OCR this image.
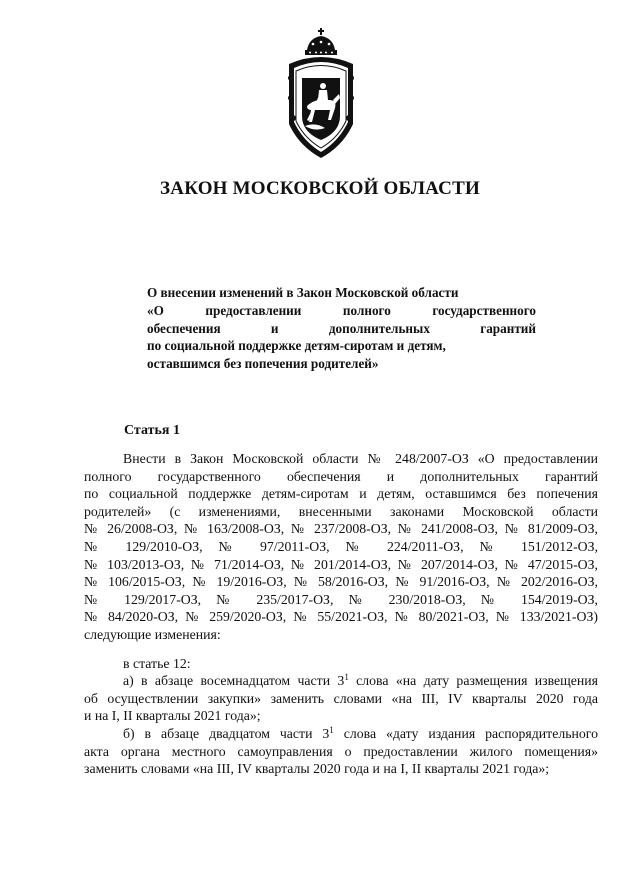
ЗАКОН МОСКОВСКОЙ ОБЛАСТИ
О внесении изменений в Закон Московской области
«О предоставлении полного государственного
обеспечения и дополнительных гарантий
по социальной поддержке детям-сиротам и детям,
оставшимся без попечения родителей»
Статья 1
Внести в Закон Московской области № 248/2007-ОЗ «О предоставлении
полного государственного обеспечения и дополнительных гарантий
по социальной поддержке детям-сиротам и детям, оставшимся без попечения
родителей» (с изменениями, внесенными законами Московской области
№ 26/2008-ОЗ, № 163/2008-ОЗ, № 237/2008-ОЗ, № 241/2008-ОЗ, № 81/2009-ОЗ,
№ 129/2010-ОЗ, № 97/2011-ОЗ, № 224/2011-ОЗ, № 151/2012-ОЗ,
№ 103/2013-ОЗ, № 71/2014-ОЗ, № 201/2014-ОЗ, № 207/2014-ОЗ, № 47/2015-ОЗ,
№ 106/2015-ОЗ, № 19/2016-ОЗ, № 58/2016-ОЗ, № 91/2016-ОЗ, № 202/2016-ОЗ,
№ 129/2017-ОЗ, № 235/2017-ОЗ, № 230/2018-ОЗ, № 154/2019-ОЗ,
№ 84/2020-ОЗ, № 259/2020-ОЗ, № 55/2021-ОЗ, № 80/2021-ОЗ, № 133/2021-ОЗ)
следующие изменения:
в статье 12:
а) в абзаце восемнадцатом части $3^1$ слова «на дату размещения извещения
об осуществлении закупки» заменить словами «на III, IV кварталы 2020 года
и на I, II кварталы 2021 года»;
б) в абзаце двадцатом части $3^1$ слова «дату издания распорядительного
акта органа местного самоуправления о предоставлении жилого помещения»
заменить словами «на III, IV кварталы 2020 года и на I, II кварталы 2021 года»;
